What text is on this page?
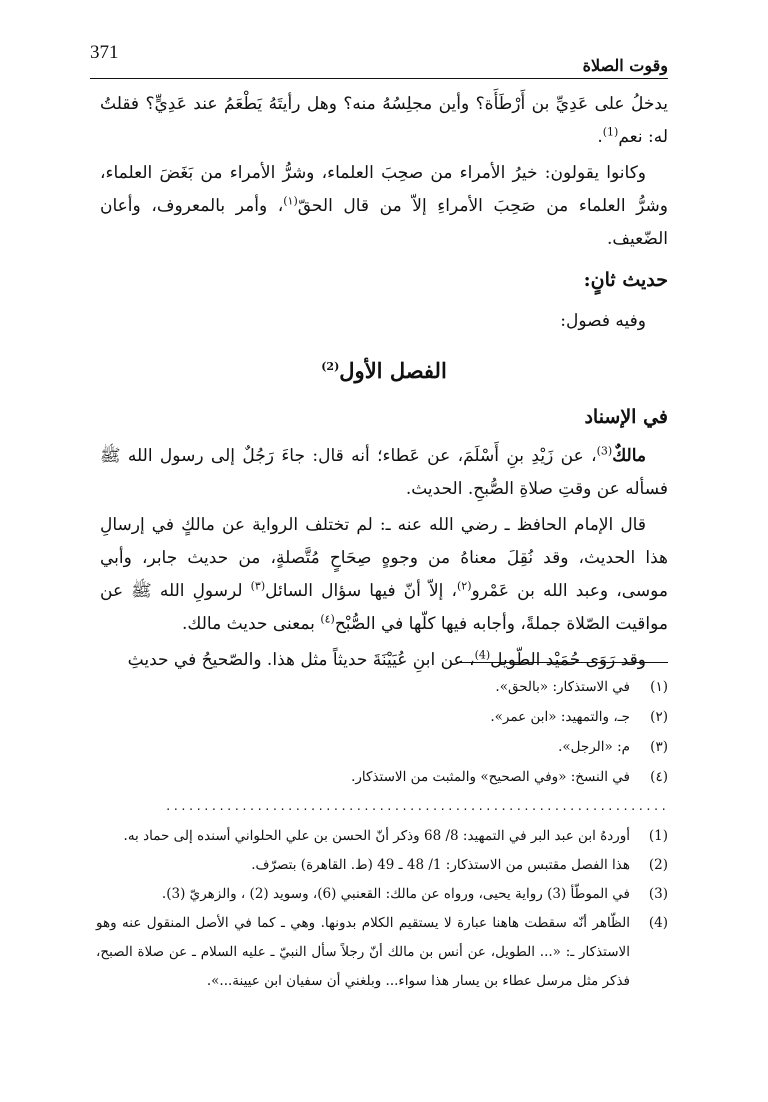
371
وقوت الصلاة

يدخلُ على عَدِيِّ بن أَرْطَأَة؟ وأين مجلِسُهُ منه؟ وهل رأيتَهُ يَطْعَمُ عند عَدِيٍّ؟ فقلتُ له: نعم$^{(1)}$.

وكانوا يقولون: خيرُ الأمراء من صحِبَ العلماء، وشرُّ الأمراء من بَغَضَ العلماء، وشرُّ العلماء من صَحِبَ الأمراءِ إلاّ من قال الحقّ$^{(١)}$، وأمر بالمعروف، وأعان الضّعيف.

حديث ثانٍ:

وفيه فصول:

الفصل الأول$^{(2)}$
في الإسناد

مالكٌ$^{(3)}$، عن زَيْدِ بنِ أَسْلَمَ، عن عَطاء؛ أنه قال: جاءَ رَجُلٌ إلى رسول الله ﷺ فسأله عن وقتِ صلاةِ الصُّبحِ. الحديث.

قال الإمام الحافظ ـ رضي الله عنه ـ: لم تختلف الرواية عن مالكٍ في إرسالِ هذا الحديث، وقد نُقِلَ معناهُ من وجوهٍ صِحَاحٍ مُتَّصلةٍ، من حديث جابر، وأبي موسى، وعبد الله بن عَمْرو$^{(٢)}$، إلاّ أنّ فيها سؤال السائل$^{(٣)}$ لرسولِ الله ﷺ عن مواقيت الصّلاة جملةً، وأجابه فيها كلّها في الصُّبْح$^{(٤)}$ بمعنى حديث مالك.

وقد رَوَى حُمَيْد الطّويل$^{(4)}$، عن ابنِ عُيَيْنَةَ حديثاً مثل هذا. والصّحيحُ في حديثِ

(١)
في الاستذكار: «بالحق».
(٢)
جـ، والتمهيد: «ابن عمر».
(٣)
م: «الرجل».
(٤)
في النسخ: «وفي الصحيح» والمثبت من الاستذكار.
..................................................................
(1)
أوردهُ ابن عبد البر في التمهيد: 8/ 68 وذكر أنّ الحسن بن علي الحلواني أسنده إلى حماد به.
(2)
هذا الفصل مقتبس من الاستذكار: 1/ 48 ـ 49 (ط. القاهرة) بتصرّف.
(3)
في الموطّأ (3) رواية يحيى، ورواه عن مالك: القعنبي (6)، وسويد (2) ، والزهريّ (3).
(4)
الظّاهر أنّه سقطت هاهنا عبارة لا يستقيم الكلام بدونها. وهي ـ كما في الأصل المنقول عنه وهو الاستذكار ـ: «... الطويل، عن أنس بن مالك أنّ رجلاً سأل النبيّ ـ عليه السلام ـ عن صلاة الصبح، فذكر مثل مرسل عطاء بن يسار هذا سواء... وبلغني أن سفيان ابن عيينة...».
